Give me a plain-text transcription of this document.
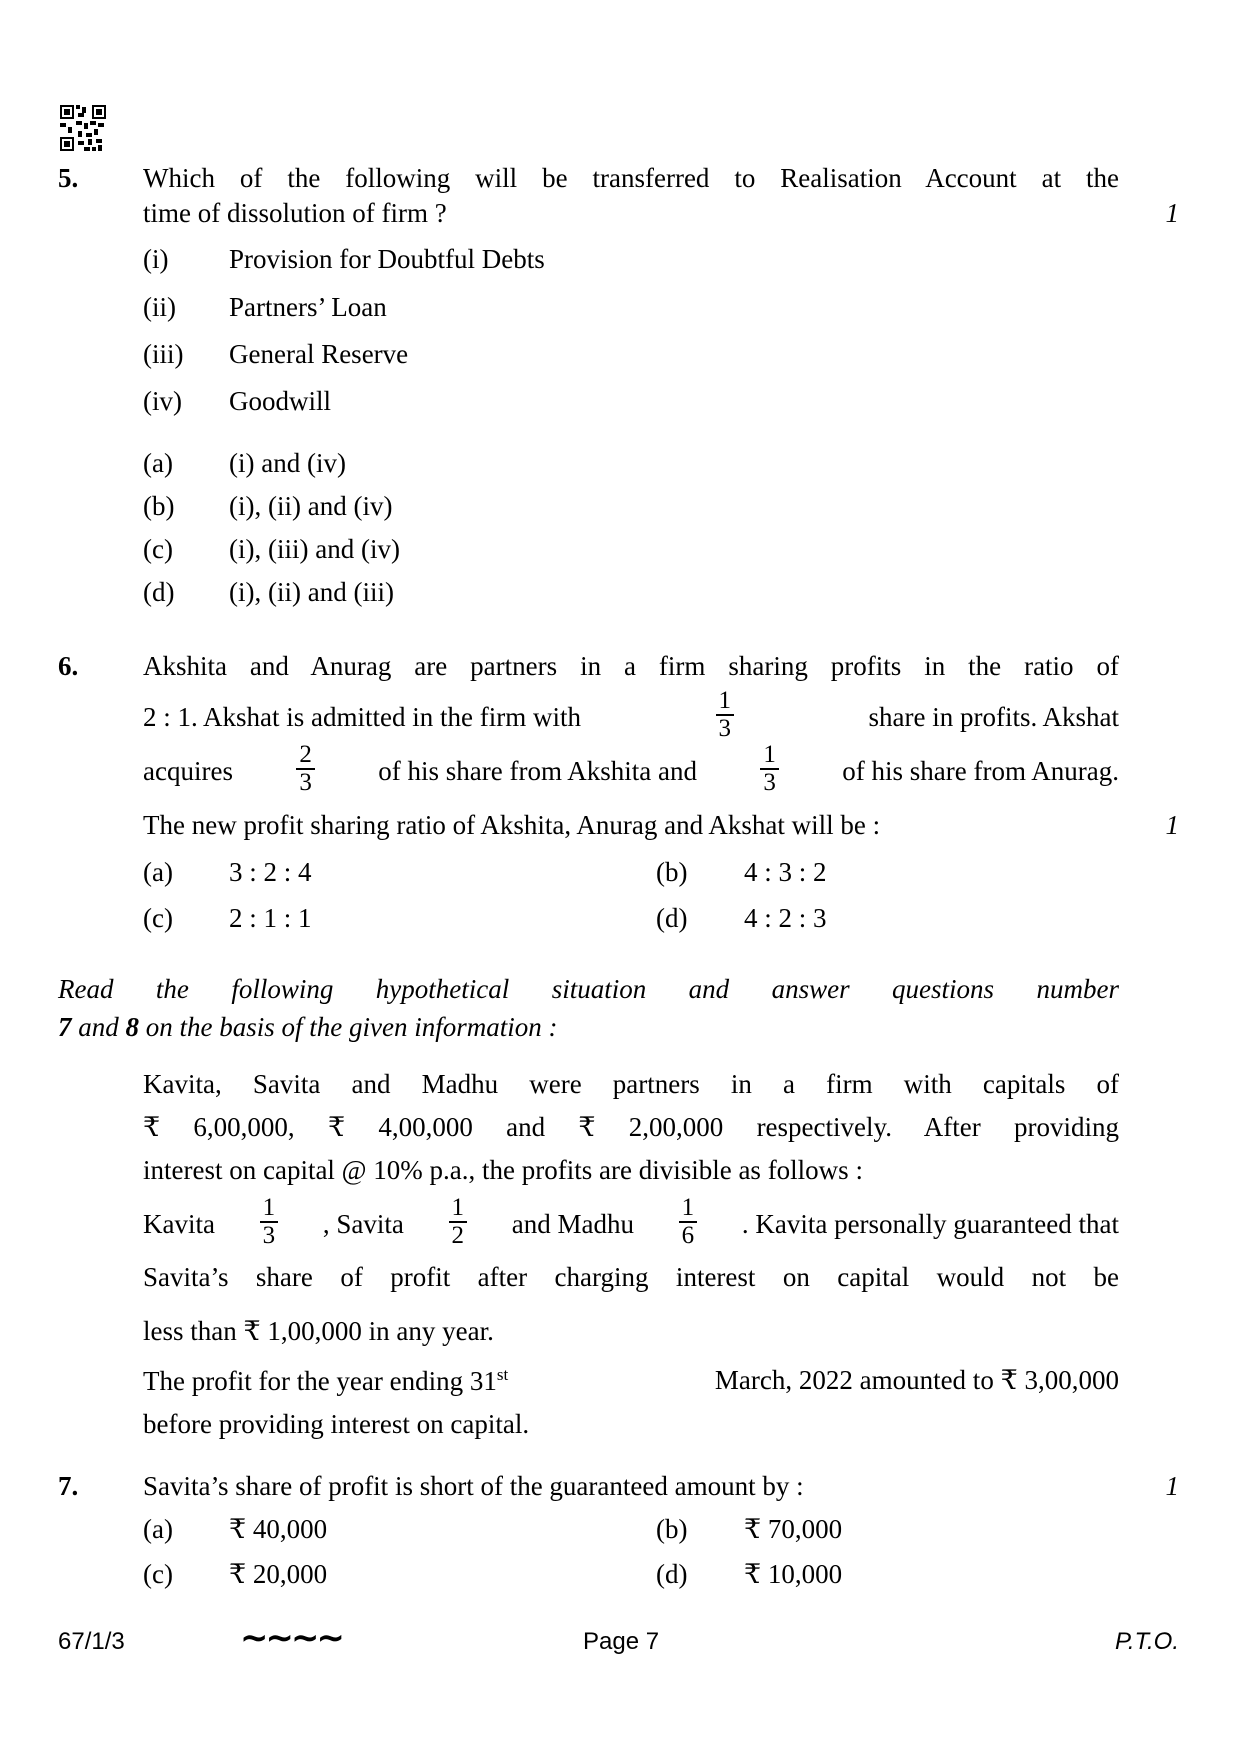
5. Which of the following will be transferred to Realisation Account at the
time of dissolution of firm ?	1
(i) Provision for Doubtful Debts
(ii) Partners’ Loan
(iii) General Reserve
(iv) Goodwill
(a) (i) and (iv)
(b) (i), (ii) and (iv)
(c) (i), (iii) and (iv)
(d) (i), (ii) and (iii)
6. Akshita and Anurag are partners in a firm sharing profits in the ratio of
2 : 1. Akshat is admitted in the firm with	$\frac{1}{3}$	share in profits. Akshat
acquires	$\frac{2}{3}$ of his share from Akshita and	$\frac{1}{3}$ of his share from Anurag.
The new profit sharing ratio of Akshita, Anurag and Akshat will be :	1
(a) 3 : 2 : 4	(b) 4 : 3 : 2
(c) 2 : 1 : 1	(d) 4 : 2 : 3
Read the following hypothetical situation and answer questions number
7 and 8 on the basis of the given information :
Kavita, Savita and Madhu were partners in a firm with capitals of
₹ 6,00,000, ₹ 4,00,000 and ₹ 2,00,000 respectively. After providing
interest on capital @ 10% p.a., the profits are divisible as follows :
Kavita $\frac{1}{3}$ , Savita $\frac{1}{2}$ and Madhu $\frac{1}{6}$ . Kavita personally guaranteed that
Savita’s share of profit after charging interest on capital would not be
less than ₹ 1,00,000 in any year.
The profit for the year ending 31st	March, 2022 amounted to ₹ 3,00,000
before providing interest on capital.
7. Savita’s share of profit is short of the guaranteed amount by :	1
(a) ₹ 40,000	(b) ₹ 70,000
(c) ₹ 20,000	(d) ₹ 10,000
67/1/3	∼∼∼∼	Page 7	P.T.O.
